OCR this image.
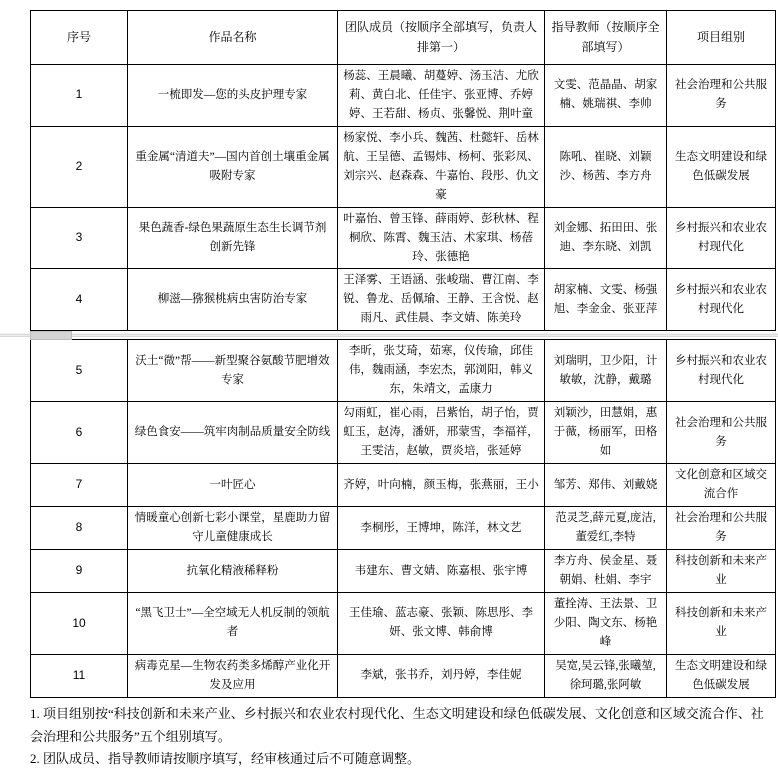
序号	作品名称	团队成员（按顺序全部填写，负责人排第一）	指导教师（按顺序全部填写）	项目组别
1	一梳即发—您的头皮护理专家	杨蕊、王晨曦、胡蔓婷、汤玉洁、尤欣莉、黄白北、任佳宇、张亚博、乔婷婷、王若甜、杨贞、张馨悦、荆叶童	文雯、范晶晶、胡家楠、姚瑞祺、李帅	社会治理和公共服务
2	重金属“清道夫”—国内首创土壤重金属吸附专家	杨家悦、李小兵、魏茜、杜懿轩、岳林航、王呈德、孟锡炜、杨柯、张彩凤、刘宗兴、赵森森、牛嘉怡、段彤、仇文豪	陈吼、崔晓、刘颖沙、杨茜、李方舟	生态文明建设和绿色低碳发展
3	果色蔬香-绿色果蔬原生态生长调节剂创新先锋	叶嘉怡、曾玉锋、薛雨婷、彭秋林、程桐欣、陈霄、魏玉洁、术家琪、杨蓓玲、张德艳	刘金娜、拓田田、张迪、李东晓、刘凯	乡村振兴和农业农村现代化
4	柳滋—猕猴桃病虫害防治专家	王泽雾、王语涵、张峻瑞、曹江南、李锐、鲁龙、岳佩瑜、王静、王含悦、赵雨凡、武佳晨、李文婧、陈美玲	胡家楠、文雯、杨强旭、李金金、张亚萍	乡村振兴和农业农村现代化
5	沃土“微”帮——新型聚谷氨酸节肥增效专家	李昕，张艾琦，茹寒，仪传瑜，邱佳伟，魏雨涵，李宏杰，郭浏阳，韩义东，朱靖文，孟康力	刘瑞明，卫少阳，计敏敏，沈静，戴璐	乡村振兴和农业农村现代化
6	绿色食安——筑牢肉制品质量安全防线	勾雨虹，崔心雨，吕紫怡，胡子怡，贾虹玉，赵涛，潘妍，邢蒙雪，李福祥，王雯洁，赵敏，贾炎培，张延婷	刘颖沙，田慧娟，惠于薇，杨丽军，田格如	社会治理和公共服务
7	一叶匠心	齐婷，叶向楠，颜玉梅，张燕丽，王小	邹芳、郑伟、刘戴娆	文化创意和区域交流合作
8	情暖童心创新七彩小课堂，星鹿助力留守儿童健康成长	李桐彤，王博坤，陈洋，林文艺	范灵芝,薛元夏,庞洁,董爱红,李特	社会治理和公共服务
9	抗氧化精液稀释粉	韦建东、曹文婧、陈嘉根、张宇博	李方舟、侯金星、聂朝娟、杜娟、李宇	科技创新和未来产业
10	“黑飞卫士”—全空域无人机反制的领航者	王佳瑜、蓝志豪、张颖、陈思彤、李妍、张文博、韩俞博	董拴涛、王法景、卫少阳、陶文东、杨艳峰	科技创新和未来产业
11	病毒克星—生物农药类多烯醇产业化开发及应用	李斌，张书乔，刘丹婷，李佳妮	吴宽,吴云锋,张曦堃,徐珂璐,张阿敏	生态文明建设和绿色低碳发展

1. 项目组别按“科技创新和未来产业、乡村振兴和农业农村现代化、生态文明建设和绿色低碳发展、文化创意和区域交流合作、社会治理和公共服务”五个组别填写。

2. 团队成员、指导教师请按顺序填写，经审核通过后不可随意调整。
